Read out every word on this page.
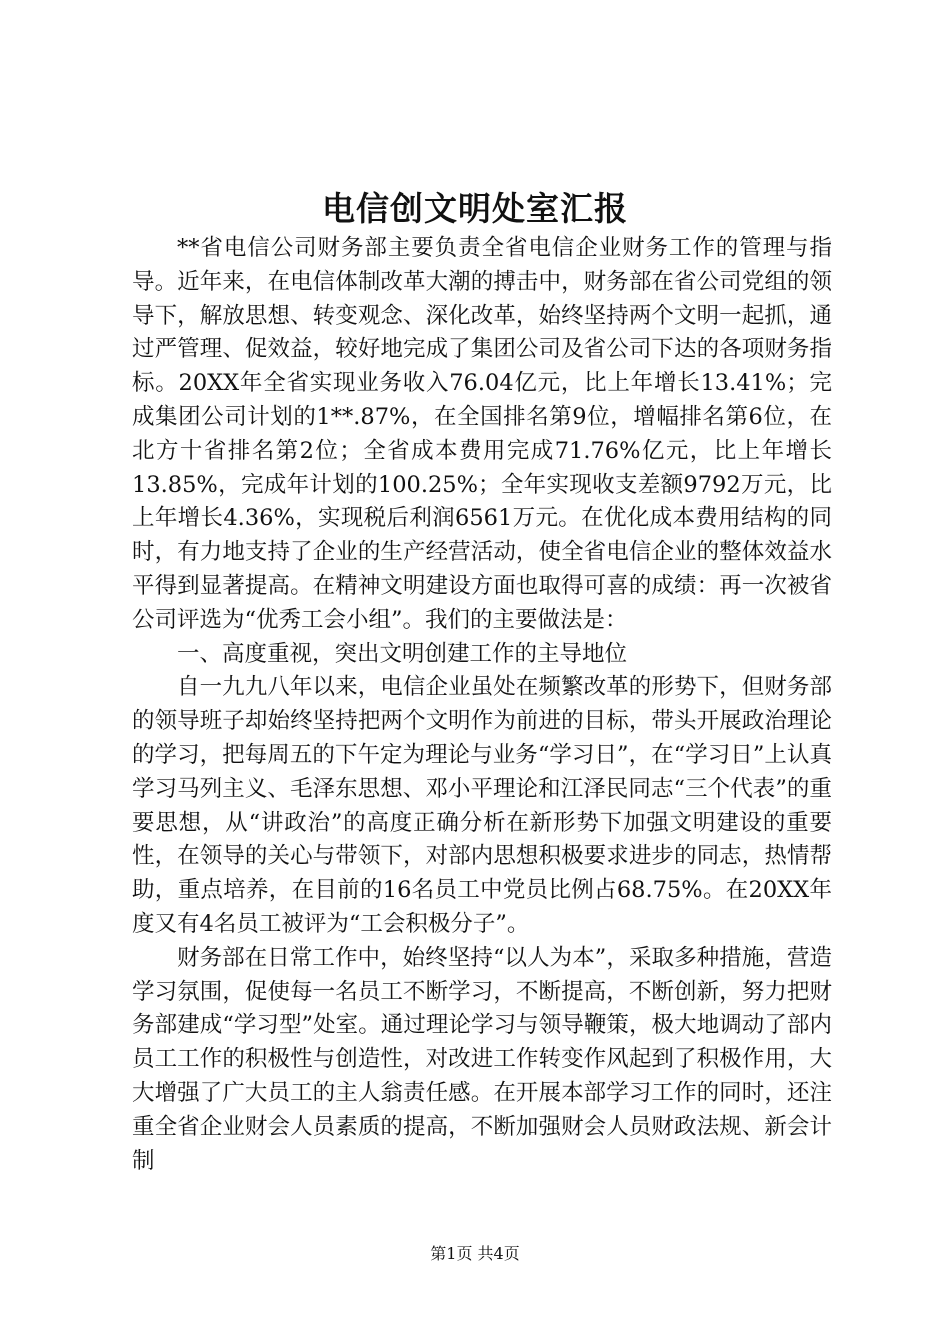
电信创文明处室汇报

**省电信公司财务部主要负责全省电信企业财务工作的管理与指导。近年来，在电信体制改革大潮的搏击中，财务部在省公司党组的领导下，解放思想、转变观念、深化改革，始终坚持两个文明一起抓，通过严管理、促效益，较好地完成了集团公司及省公司下达的各项财务指标。20XX年全省实现业务收入76.04亿元，比上年增长13.41%；完成集团公司计划的1**.87%，在全国排名第9位，增幅排名第6位，在北方十省排名第2位；全省成本费用完成71.76%亿元，比上年增长13.85%，完成年计划的100.25%；全年实现收支差额9792万元，比上年增长4.36%，实现税后利润6561万元。在优化成本费用结构的同时，有力地支持了企业的生产经营活动，使全省电信企业的整体效益水平得到显著提高。在精神文明建设方面也取得可喜的成绩：再一次被省公司评选为“优秀工会小组”。我们的主要做法是：

一、高度重视，突出文明创建工作的主导地位

自一九九八年以来，电信企业虽处在频繁改革的形势下，但财务部的领导班子却始终坚持把两个文明作为前进的目标，带头开展政治理论的学习，把每周五的下午定为理论与业务“学习日”，在“学习日”上认真学习马列主义、毛泽东思想、邓小平理论和江泽民同志“三个代表”的重要思想，从“讲政治”的高度正确分析在新形势下加强文明建设的重要性，在领导的关心与带领下，对部内思想积极要求进步的同志，热情帮助，重点培养，在目前的16名员工中党员比例占68.75%。在20XX年度又有4名员工被评为“工会积极分子”。

财务部在日常工作中，始终坚持“以人为本”，采取多种措施，营造学习氛围，促使每一名员工不断学习，不断提高，不断创新，努力把财务部建成“学习型”处室。通过理论学习与领导鞭策，极大地调动了部内员工工作的积极性与创造性，对改进工作转变作风起到了积极作用，大大增强了广大员工的主人翁责任感。在开展本部学习工作的同时，还注重全省企业财会人员素质的提高，不断加强财会人员财政法规、新会计制

第1页 共4页
